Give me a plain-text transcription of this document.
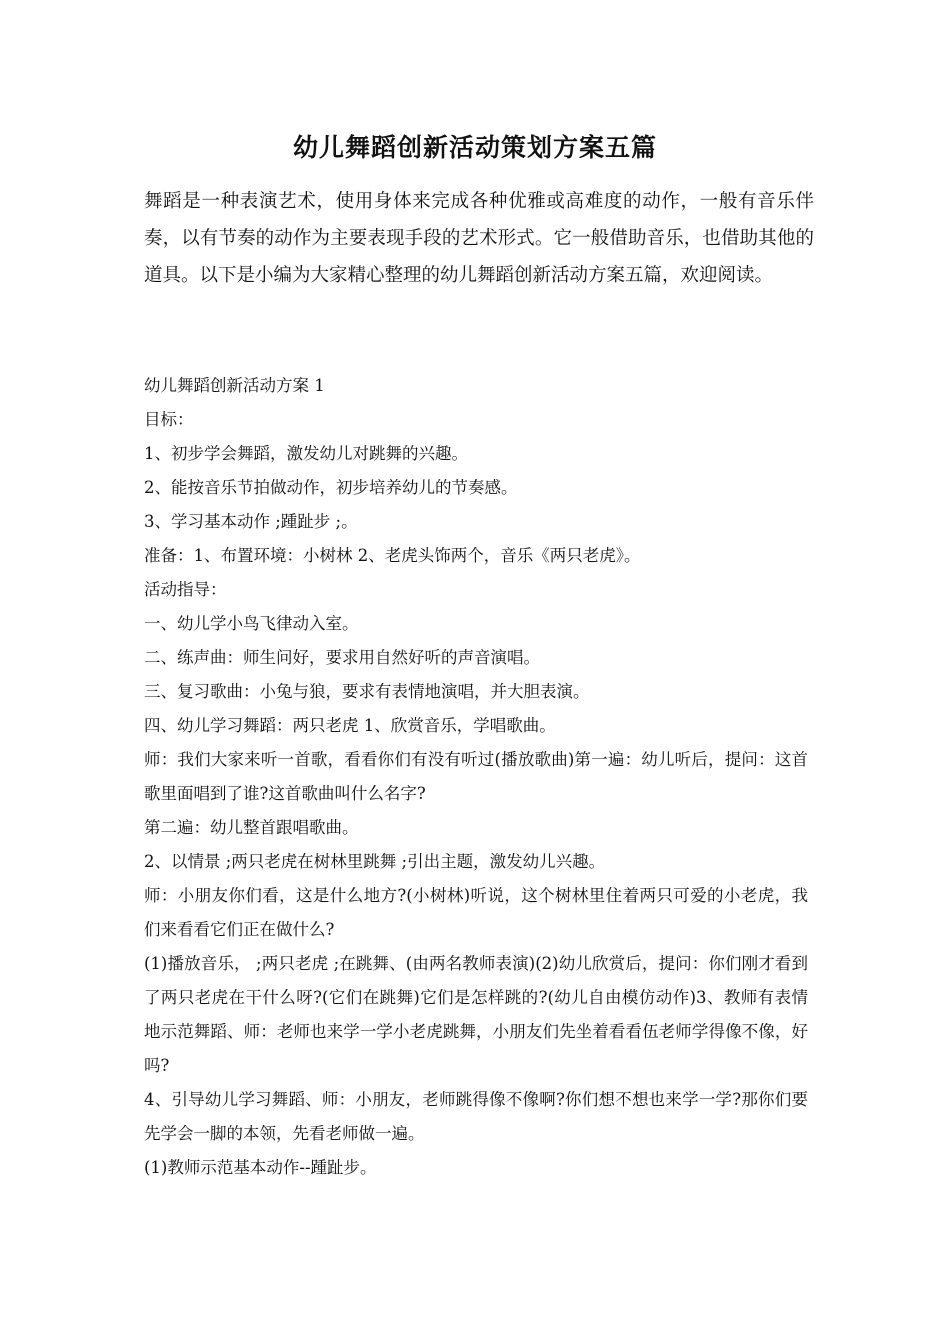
幼儿舞蹈创新活动策划方案五篇

舞蹈是一种表演艺术，使用身体来完成各种优雅或高难度的动作，一般有音乐伴奏，以有节奏的动作为主要表现手段的艺术形式。它一般借助音乐，也借助其他的道具。以下是小编为大家精心整理的幼儿舞蹈创新活动方案五篇，欢迎阅读。

幼儿舞蹈创新活动方案 1

目标：

1、初步学会舞蹈，激发幼儿对跳舞的兴趣。

2、能按音乐节拍做动作，初步培养幼儿的节奏感。

3、学习基本动作 ;踵趾步 ;。

准备：1、布置环境：小树林 2、老虎头饰两个，音乐《两只老虎》。

活动指导：

一、幼儿学小鸟飞律动入室。

二、练声曲：师生问好，要求用自然好听的声音演唱。

三、复习歌曲：小兔与狼，要求有表情地演唱，并大胆表演。

四、幼儿学习舞蹈：两只老虎 1、欣赏音乐，学唱歌曲。

师：我们大家来听一首歌，看看你们有没有听过(播放歌曲)第一遍：幼儿听后，提问：这首歌里面唱到了谁?这首歌曲叫什么名字?

第二遍：幼儿整首跟唱歌曲。

2、以情景 ;两只老虎在树林里跳舞 ;引出主题，激发幼儿兴趣。

师：小朋友你们看，这是什么地方?(小树林)听说，这个树林里住着两只可爱的小老虎，我们来看看它们正在做什么?

(1)播放音乐， ;两只老虎 ;在跳舞、(由两名教师表演)(2)幼儿欣赏后，提问：你们刚才看到了两只老虎在干什么呀?(它们在跳舞)它们是怎样跳的?(幼儿自由模仿动作)3、教师有表情地示范舞蹈、师：老师也来学一学小老虎跳舞，小朋友们先坐着看看伍老师学得像不像，好吗?

4、引导幼儿学习舞蹈、师：小朋友，老师跳得像不像啊?你们想不想也来学一学?那你们要先学会一脚的本领，先看老师做一遍。

(1)教师示范基本动作--踵趾步。
